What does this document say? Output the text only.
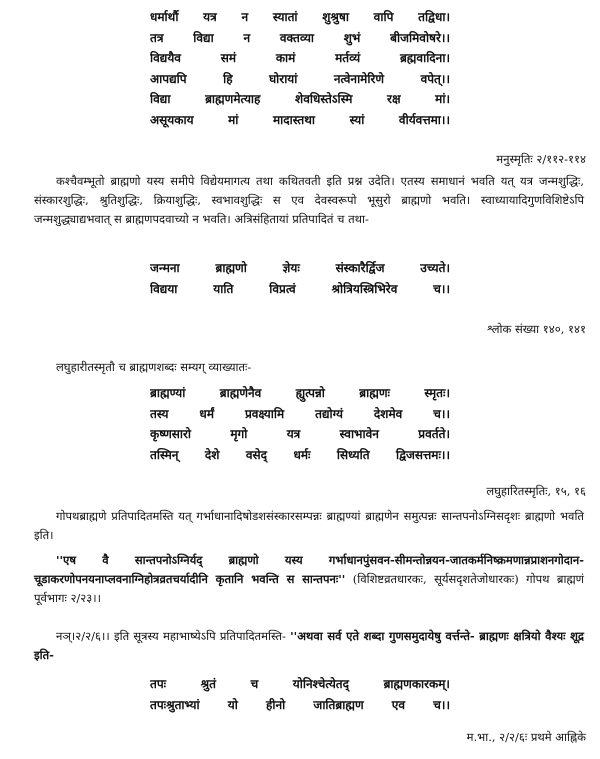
धर्मार्थौ यत्र न स्यातां शुश्रुषा वापि तद्विधा।
तत्र विद्या न वक्तव्या शुभं बीजमिवोषरे।।
विद्ययैव समं कामं मर्तव्यं ब्रह्मवादिना।
आपद्यपि हि घोरायां नत्वेनामेरिणे वपेत्।।
विद्या ब्राह्मणमेत्याह शेवधिस्तेऽस्मि रक्ष मां।
असूयकाय मां मादास्तथा स्यां वीर्यवत्तमा।।
मनुस्मृतिः २/११२-११४

कश्चैवम्भूतो ब्राह्मणो यस्य समीपे विद्येयमागत्य तथा कथितवती इति प्रश्न उदेति। एतस्य समाधानं भवति यत् यत्र जन्मशुद्धिः, संस्कारशुद्धिः, श्रुतिशुद्धिः, क्रियाशुद्धिः, स्वभावशुद्धिः स एव देवस्वरूपो भूसुरो ब्राह्मणो भवति। स्वाध्यायादिगुणविशिष्टेऽपि जन्मशुद्ध्याद्यभवात् स ब्राह्मणपदवाच्यो न भवति। अत्रिसंहितायां प्रतिपादितं च तथा-

जन्मना ब्राह्मणो ज्ञेयः संस्कारैर्द्विज उच्यते।
विद्यया याति विप्रत्वं श्रोत्रियस्त्रिभिरेव च।।
श्लोक संख्या १४०, १४१

लघुहारीतस्मृतौ च ब्राह्मणशब्दः सम्यग् व्याख्यातः-

ब्राह्मण्यां ब्राह्मणेनैव ह्युत्पन्नो ब्राह्मणः स्मृतः।
तस्य धर्मं प्रवक्ष्यामि तद्योग्यं देशमेव च।।
कृष्णसारो मृगो यत्र स्वाभावेन प्रवर्तते।
तस्मिन् देशे वसेद् धर्मः सिध्यति द्विजसत्तमः।।
लघुहारितस्मृतिः, १५, १६

गोपथब्राह्मणे प्रतिपादितमस्ति यत् गर्भाधानादिषोडशसंस्कारसम्पन्नः ब्राह्मण्यां ब्राह्मणेन समुत्पन्नः सान्तपनोऽग्निसदृशः ब्राह्मणो भवति इति।

''एष वै सान्तपनोऽग्निर्यद् ब्राह्मणो यस्य गर्भाधानपुंसवन-सीमन्तोन्नयन-जातकर्मनिष्क्रमणान्नप्राशनगोदान-चूडाकरणोपनयनाप्लवनाग्निहोत्रव्रतचर्यादीनि कृतानि भवन्ति स सान्तपनः'' (विशिष्टव्रतधारकः, सूर्यसदृशतेजोधारकः) गोपथ ब्राह्मणं पूर्वभागः २/२३।।

नञ्।२/२/६।। इति सूत्रस्य महाभाष्येऽपि प्रतिपादितमस्ति- ''अथवा सर्व एते शब्दा गुणसमुदायेषु वर्त्तन्ते- ब्राह्मणः क्षत्रियो वैश्यः शूद्र इति-

तपः श्रुतं च योनिश्चेत्येतद् ब्राह्मणकारकम्।
तपःश्रुताभ्यां यो हीनो जातिब्राह्मण एव च।।
म.भा., २/२/६ः प्रथमे आह्निके
